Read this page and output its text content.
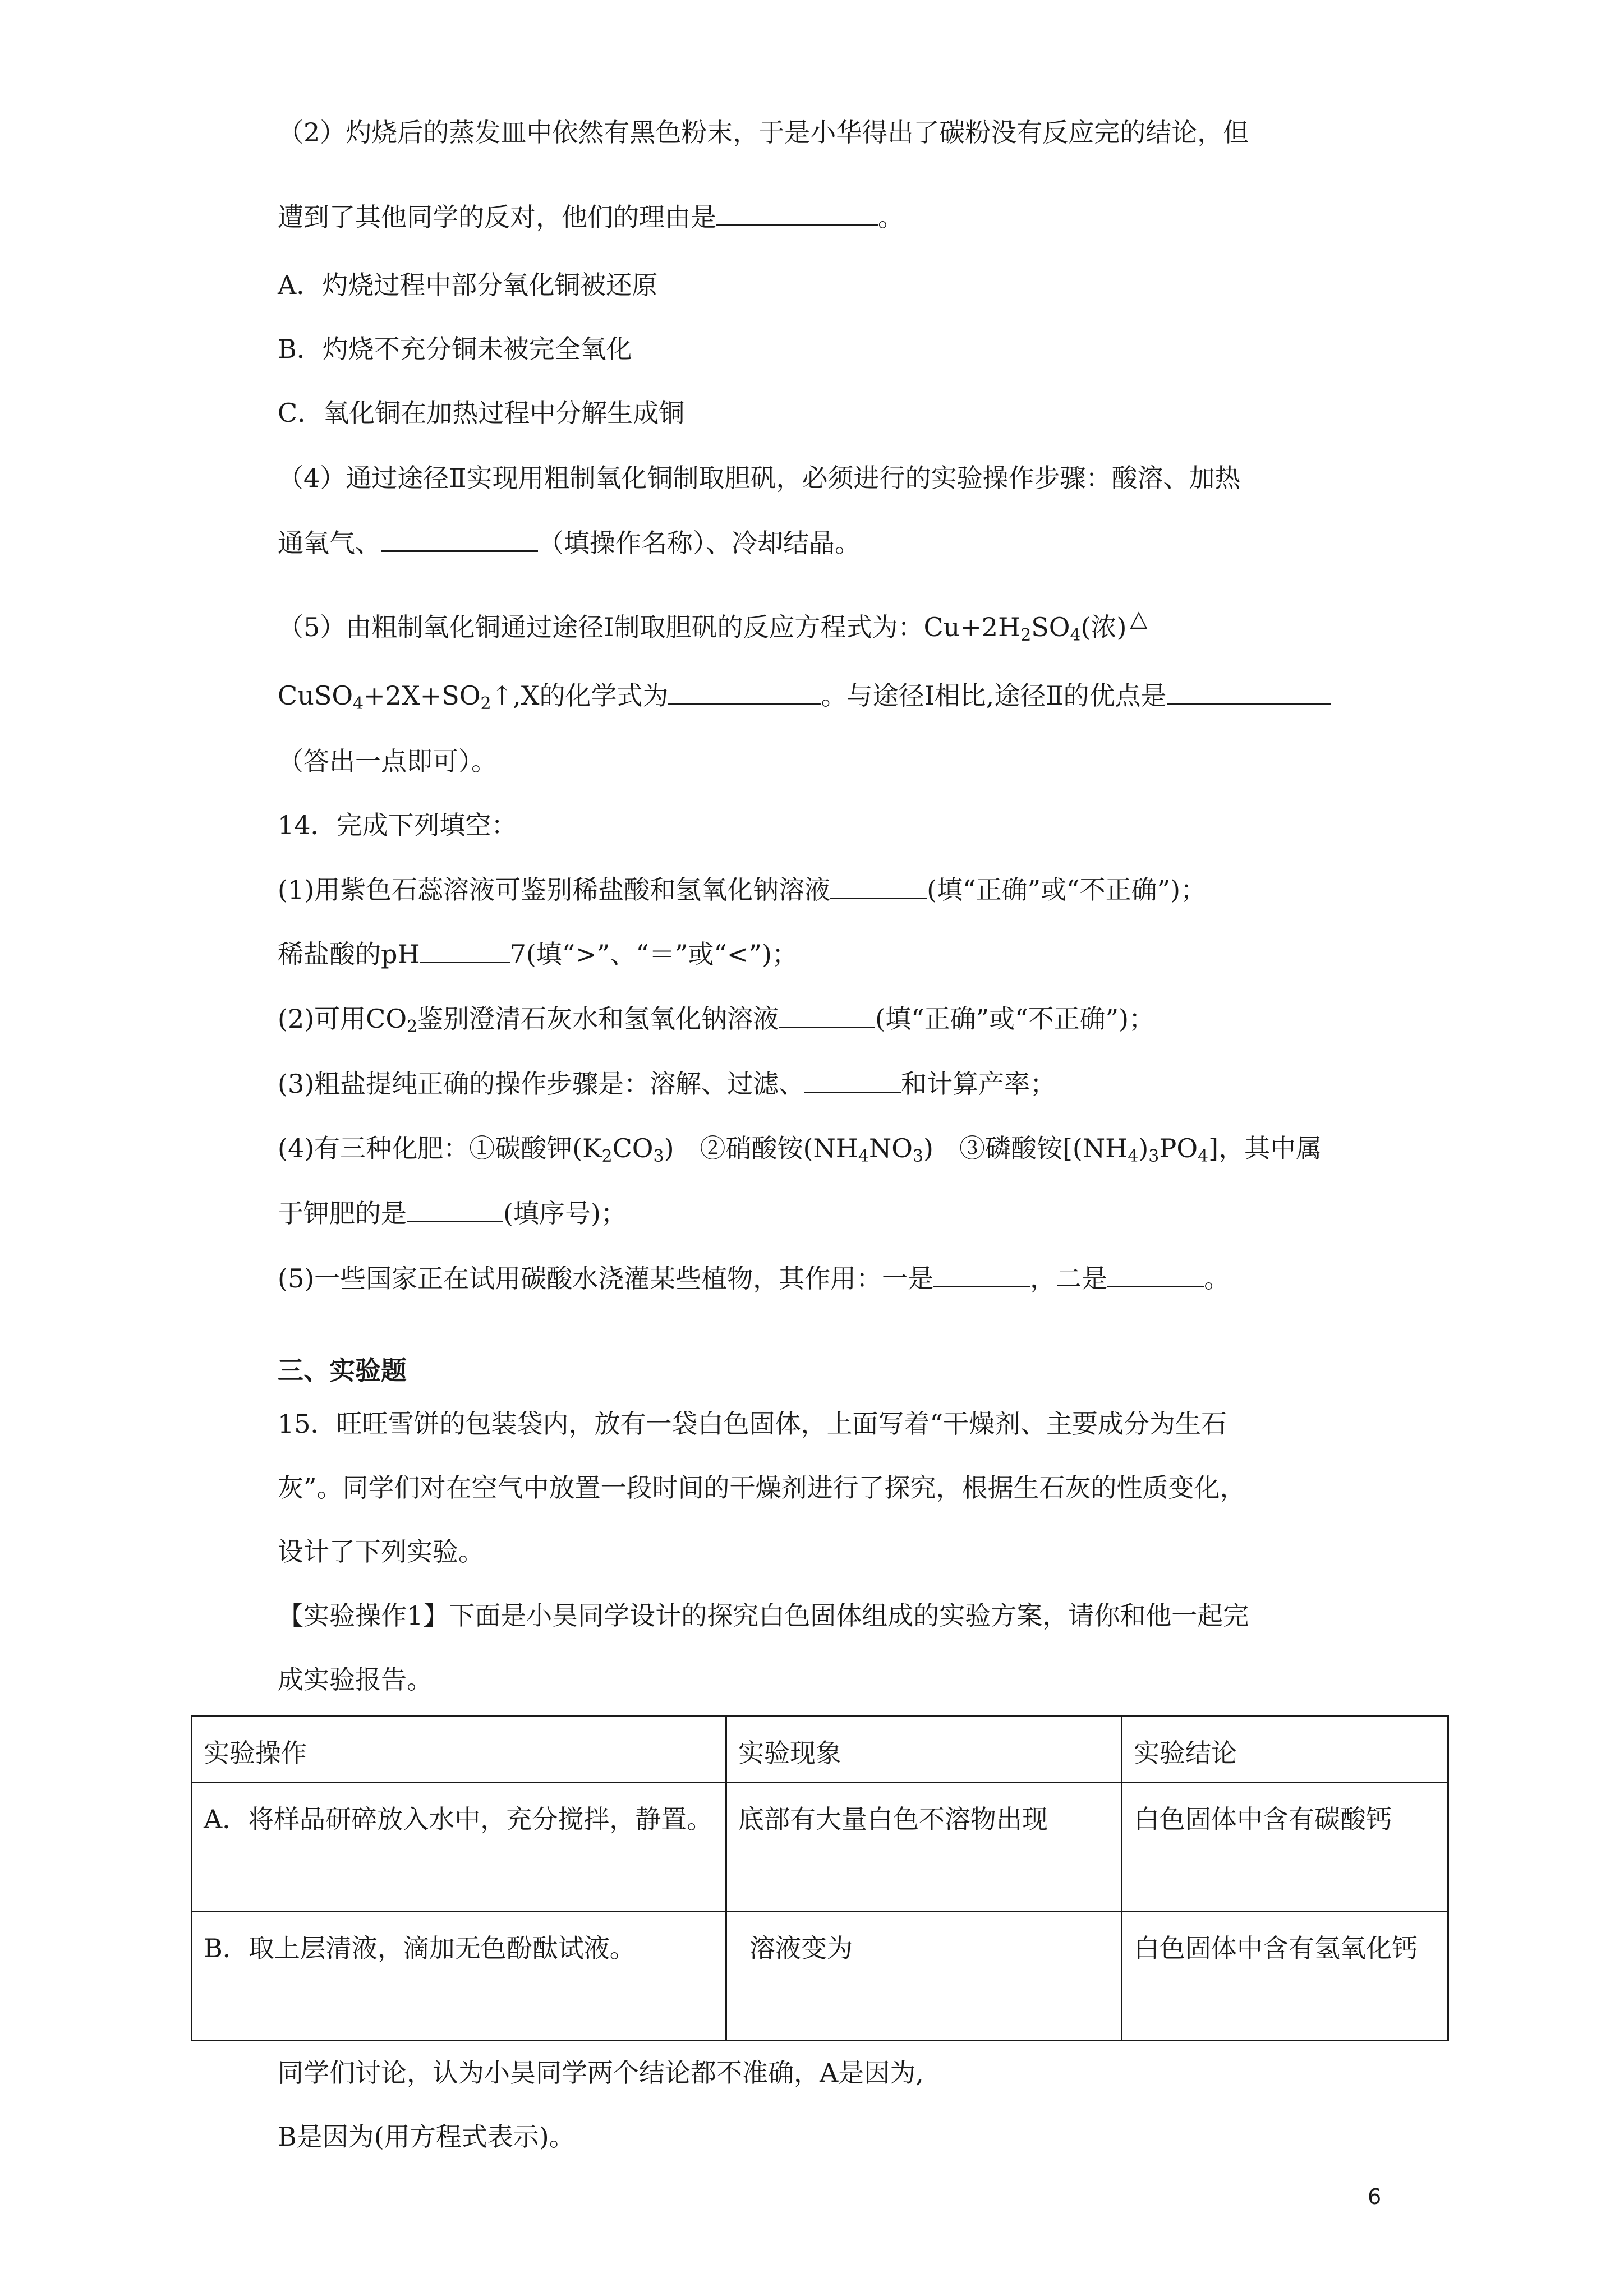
（2）灼烧后的蒸发皿中依然有黑色粉末，于是小华得出了碳粉没有反应完的结论，但
遭到了其他同学的反对，他们的理由是	。
A．灼烧过程中部分氧化铜被还原
B．灼烧不充分铜未被完全氧化
C．氧化铜在加热过程中分解生成铜
（4）通过途径Ⅱ实现用粗制氧化铜制取胆矾，必须进行的实验操作步骤：酸溶、加热
通氧气、	（填操作名称）、冷却结晶。
（5）由粗制氧化铜通过途径Ⅰ制取胆矾的反应方程式为：$Cu+2H_2SO_4$(浓) △
$CuSO_4+2X+SO_2↑,X$的化学式为	。与途径Ⅰ相比,途径Ⅱ的优点是
（答出一点即可）。
14．完成下列填空：
(1)用紫色石蕊溶液可鉴别稀盐酸和氢氧化钠溶液	(填“正确”或“不正确”)；
稀盐酸的pH	7(填“>”、“＝”或“<”)；
(2)可用$CO_2$鉴别澄清石灰水和氢氧化钠溶液	(填“正确”或“不正确”)；
(3)粗盐提纯正确的操作步骤是：溶解、过滤、	和计算产率；
(4)有三种化肥：①碳酸钾$(K_2CO_3)$　②硝酸铵$(NH_4NO_3)$　③磷酸铵$[(NH_4)_3PO_4]$，其中属
于钾肥的是	(填序号)；
(5)一些国家正在试用碳酸水浇灌某些植物，其作用：一是	，二是	。
三、实验题
15．旺旺雪饼的包装袋内，放有一袋白色固体，上面写着“干燥剂、主要成分为生石
灰”。同学们对在空气中放置一段时间的干燥剂进行了探究，根据生石灰的性质变化，
设计了下列实验。
【实验操作1】下面是小昊同学设计的探究白色固体组成的实验方案，请你和他一起完
成实验报告。
实验操作	实验现象	实验结论
A．将样品研碎放入水中，充分搅拌，静置。	底部有大量白色不溶物出现	白色固体中含有碳酸钙
B．取上层清液，滴加无色酚酞试液。	溶液变为	白色固体中含有氢氧化钙
同学们讨论，认为小昊同学两个结论都不准确，A是因为,
B是因为(用方程式表示)。
6
